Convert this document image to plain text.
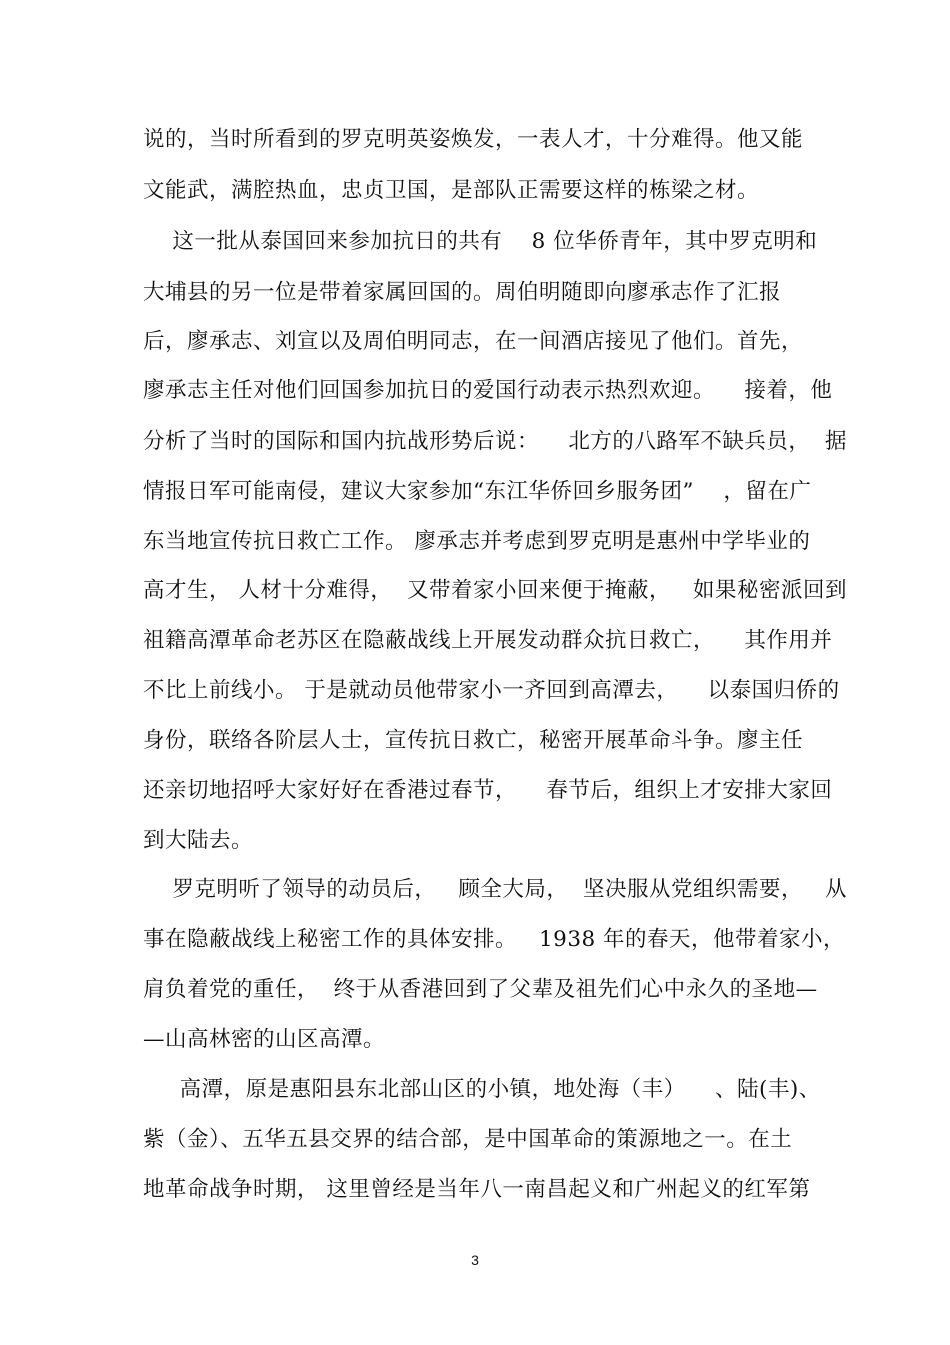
说的，当时所看到的罗克明英姿焕发，一表人才，十分难得。他又能
文能武，满腔热血，忠贞卫国，是部队正需要这样的栋梁之材。
这一批从泰国回来参加抗日的共有    8 位华侨青年，其中罗克明和
大埔县的另一位是带着家属回国的。周伯明随即向廖承志作了汇报
后，廖承志、刘宣以及周伯明同志，在一间酒店接见了他们。首先，
廖承志主任对他们回国参加抗日的爱国行动表示热烈欢迎。    接着，他
分析了当时的国际和国内抗战形势后说：    北方的八路军不缺兵员，  据
情报日军可能南侵，建议大家参加“东江华侨回乡服务团”    ，留在广
东当地宣传抗日救亡工作。 廖承志并考虑到罗克明是惠州中学毕业的
高才生， 人材十分难得，  又带着家小回来便于掩蔽，   如果秘密派回到
祖籍高潭革命老苏区在隐蔽战线上开展发动群众抗日救亡，    其作用并
不比上前线小。 于是就动员他带家小一齐回到高潭去，    以泰国归侨的
身份，联络各阶层人士，宣传抗日救亡，秘密开展革命斗争。廖主任
还亲切地招呼大家好好在香港过春节，    春节后，组织上才安排大家回
到大陆去。
罗克明听了领导的动员后，   顾全大局，  坚决服从党组织需要，   从
事在隐蔽战线上秘密工作的具体安排。   1938 年的春天，他带着家小，
肩负着党的重任，  终于从香港回到了父辈及祖先们心中永久的圣地—
—山高林密的山区高潭。
高潭，原是惠阳县东北部山区的小镇，地处海（丰）    、陆(丰)、
紫（金）、五华五县交界的结合部，是中国革命的策源地之一。在土
地革命战争时期， 这里曾经是当年八一南昌起义和广州起义的红军第
3
